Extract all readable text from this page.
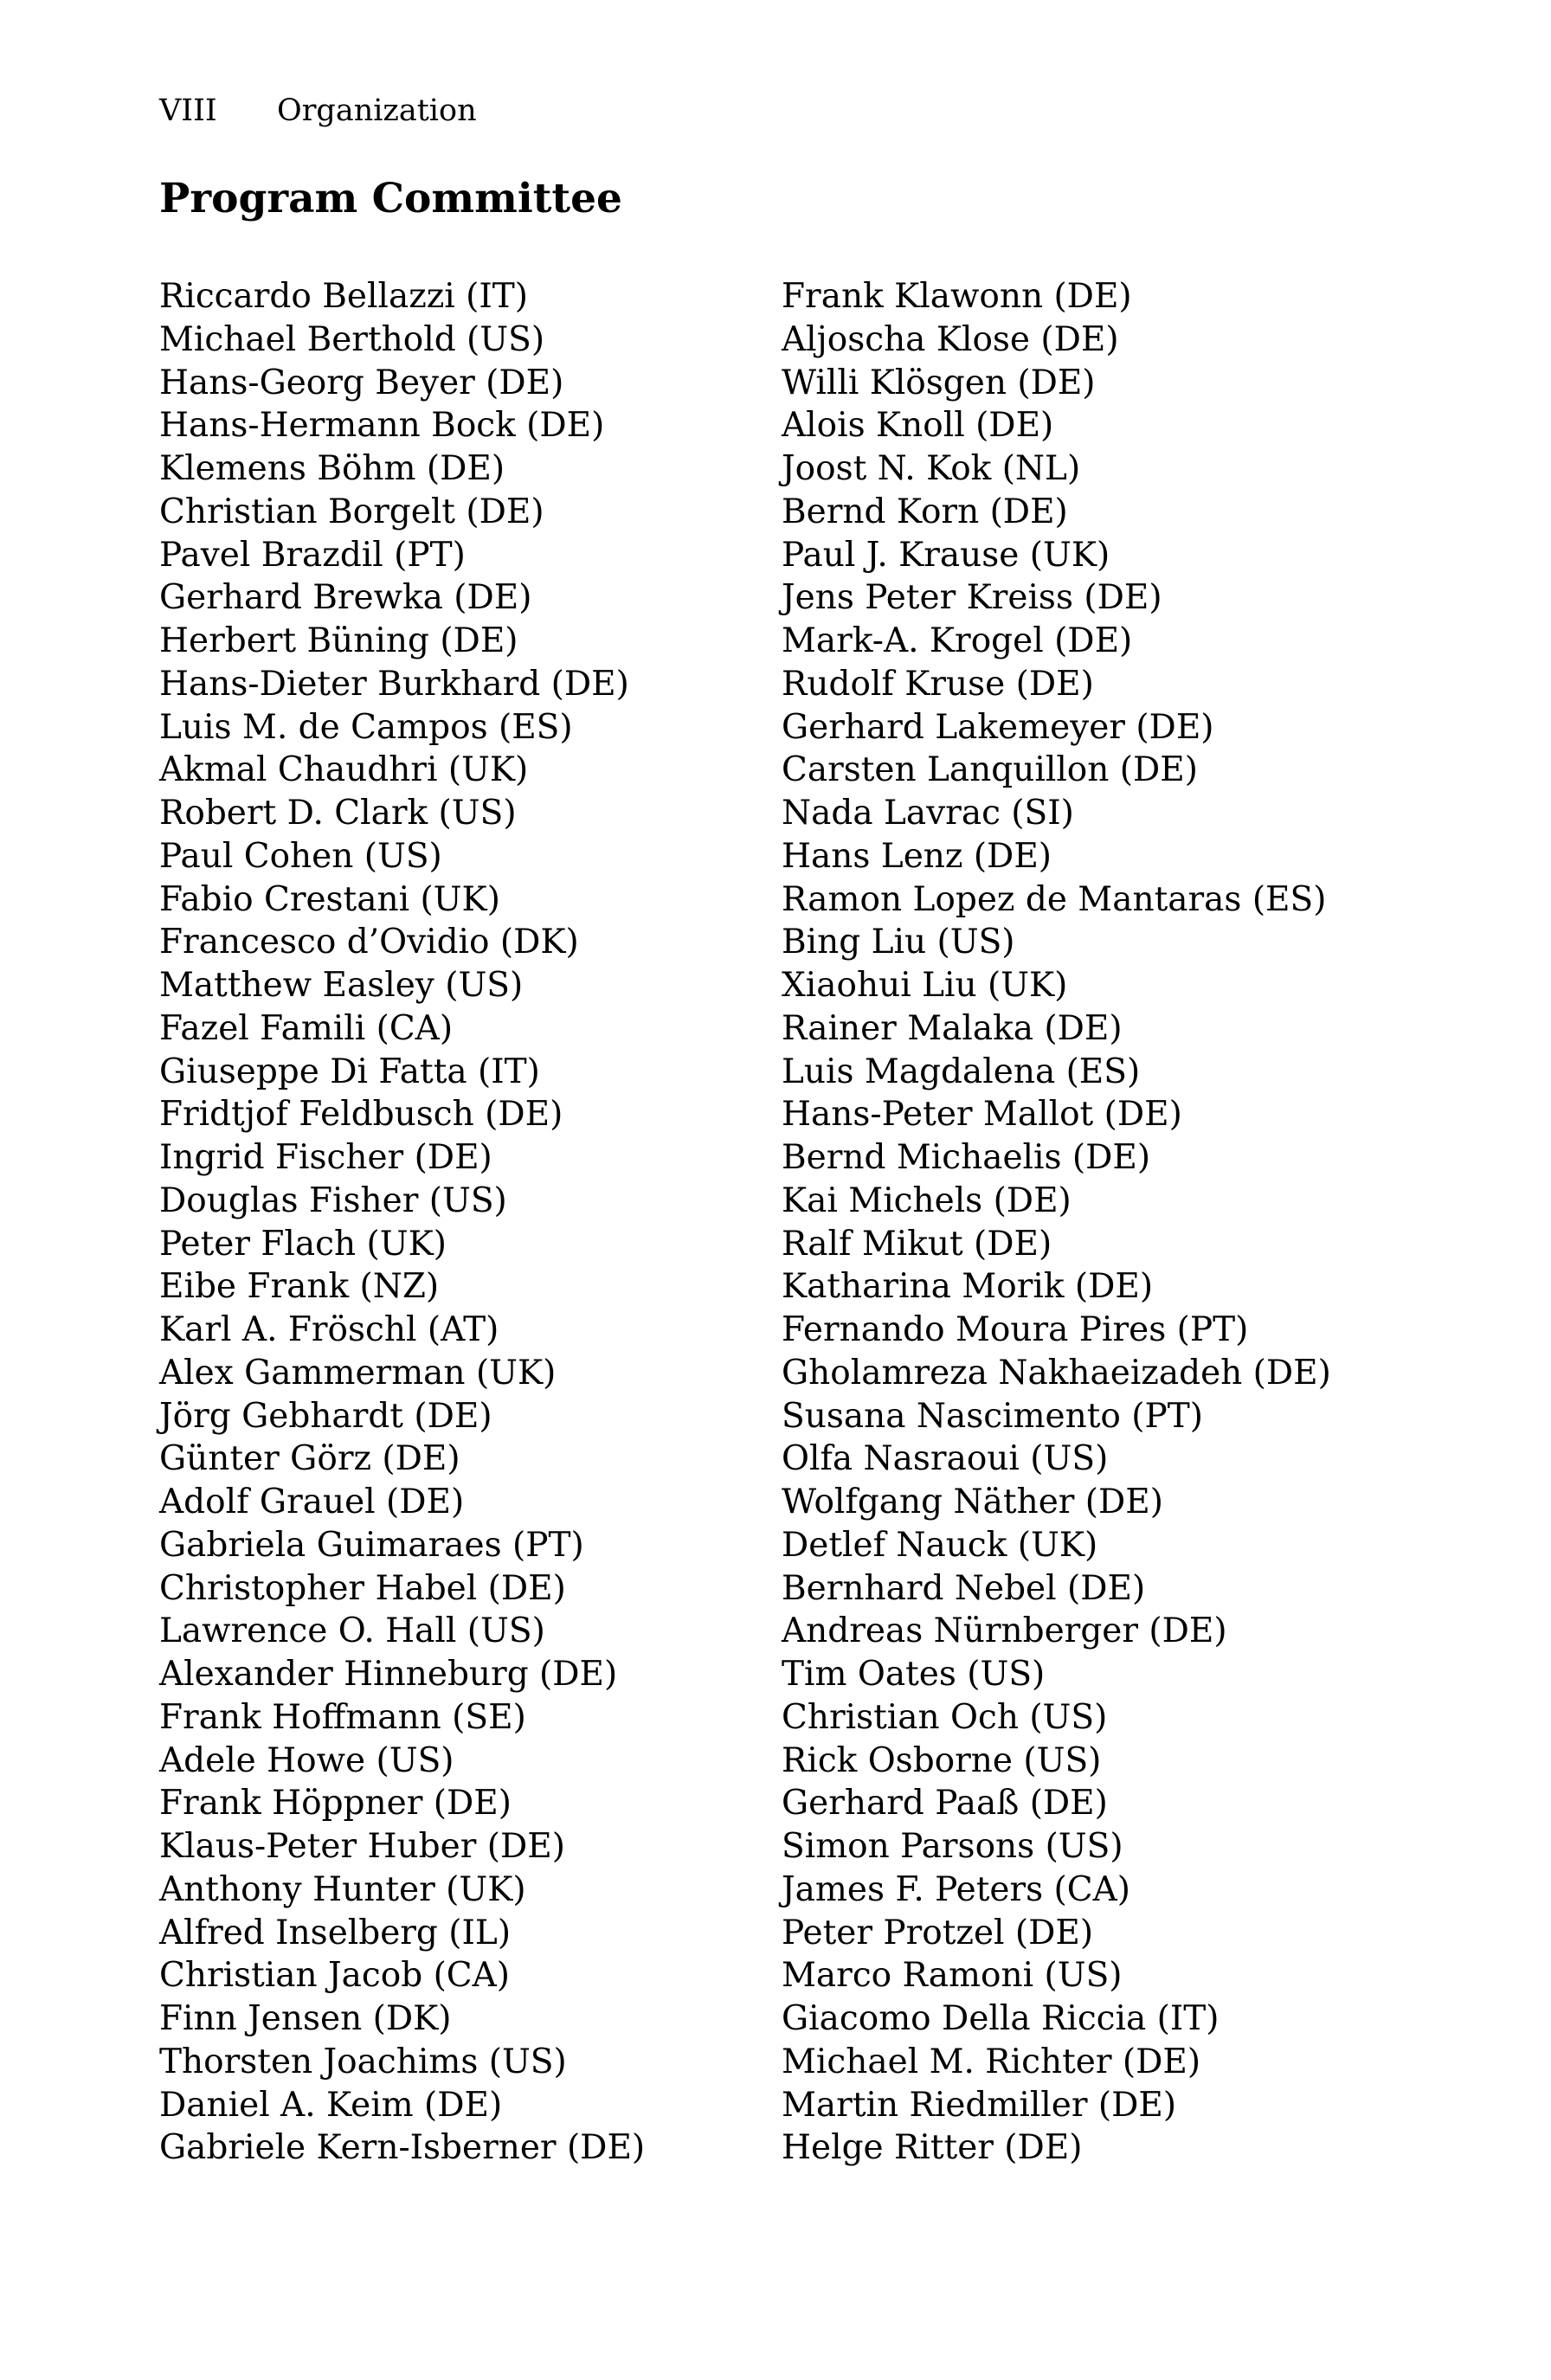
VIII Organization
Program Committee
Riccardo Bellazzi (IT)
Michael Berthold (US)
Hans-Georg Beyer (DE)
Hans-Hermann Bock (DE)
Klemens Böhm (DE)
Christian Borgelt (DE)
Pavel Brazdil (PT)
Gerhard Brewka (DE)
Herbert Büning (DE)
Hans-Dieter Burkhard (DE)
Luis M. de Campos (ES)
Akmal Chaudhri (UK)
Robert D. Clark (US)
Paul Cohen (US)
Fabio Crestani (UK)
Francesco d’Ovidio (DK)
Matthew Easley (US)
Fazel Famili (CA)
Giuseppe Di Fatta (IT)
Fridtjof Feldbusch (DE)
Ingrid Fischer (DE)
Douglas Fisher (US)
Peter Flach (UK)
Eibe Frank (NZ)
Karl A. Fröschl (AT)
Alex Gammerman (UK)
Jörg Gebhardt (DE)
Günter Görz (DE)
Adolf Grauel (DE)
Gabriela Guimaraes (PT)
Christopher Habel (DE)
Lawrence O. Hall (US)
Alexander Hinneburg (DE)
Frank Hoffmann (SE)
Adele Howe (US)
Frank Höppner (DE)
Klaus-Peter Huber (DE)
Anthony Hunter (UK)
Alfred Inselberg (IL)
Christian Jacob (CA)
Finn Jensen (DK)
Thorsten Joachims (US)
Daniel A. Keim (DE)
Gabriele Kern-Isberner (DE)
Frank Klawonn (DE)
Aljoscha Klose (DE)
Willi Klösgen (DE)
Alois Knoll (DE)
Joost N. Kok (NL)
Bernd Korn (DE)
Paul J. Krause (UK)
Jens Peter Kreiss (DE)
Mark-A. Krogel (DE)
Rudolf Kruse (DE)
Gerhard Lakemeyer (DE)
Carsten Lanquillon (DE)
Nada Lavrac (SI)
Hans Lenz (DE)
Ramon Lopez de Mantaras (ES)
Bing Liu (US)
Xiaohui Liu (UK)
Rainer Malaka (DE)
Luis Magdalena (ES)
Hans-Peter Mallot (DE)
Bernd Michaelis (DE)
Kai Michels (DE)
Ralf Mikut (DE)
Katharina Morik (DE)
Fernando Moura Pires (PT)
Gholamreza Nakhaeizadeh (DE)
Susana Nascimento (PT)
Olfa Nasraoui (US)
Wolfgang Näther (DE)
Detlef Nauck (UK)
Bernhard Nebel (DE)
Andreas Nürnberger (DE)
Tim Oates (US)
Christian Och (US)
Rick Osborne (US)
Gerhard Paaß (DE)
Simon Parsons (US)
James F. Peters (CA)
Peter Protzel (DE)
Marco Ramoni (US)
Giacomo Della Riccia (IT)
Michael M. Richter (DE)
Martin Riedmiller (DE)
Helge Ritter (DE)
